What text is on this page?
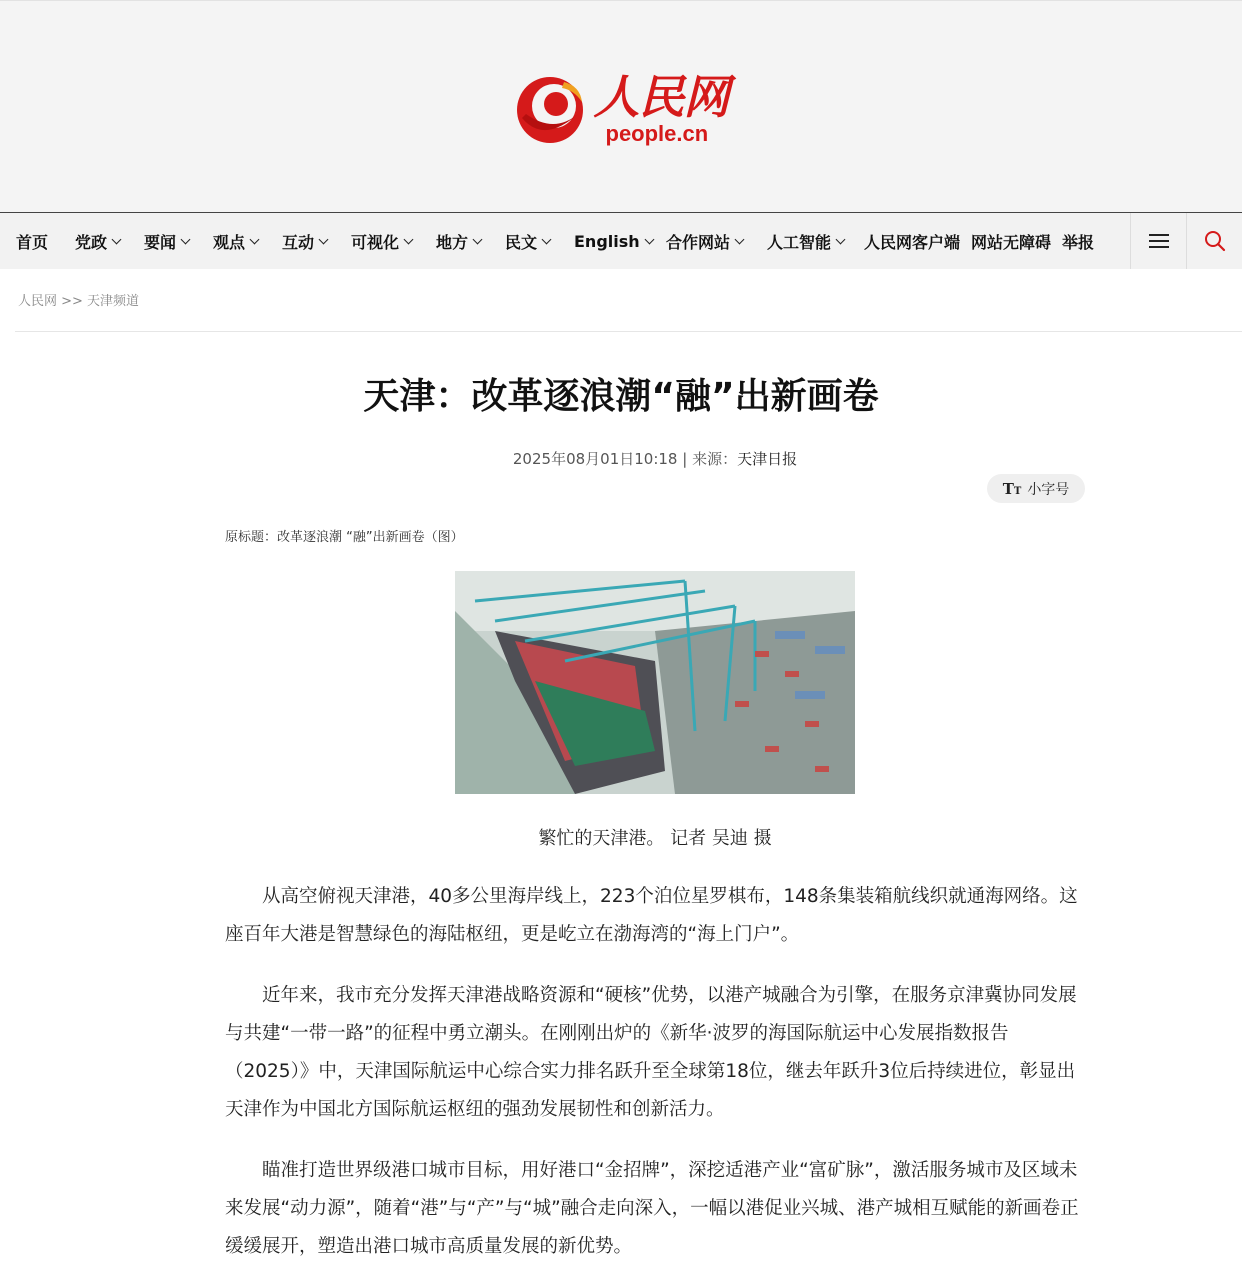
人民网
people.cn
首页 党政 要闻 观点 互动 可视化 地方 民文 English 合作网站 人工智能 人民网客户端 网站无障碍 举报
人民网 >> 天津频道
天津：改革逐浪潮“融”出新画卷
2025年08月01日10:18 | 来源：天津日报
TT 小字号
原标题：改革逐浪潮 “融”出新画卷（图）
繁忙的天津港。 记者 吴迪 摄

从高空俯视天津港，40多公里海岸线上，223个泊位星罗棋布，148条集装箱航线织就通海网络。这座百年大港是智慧绿色的海陆枢纽，更是屹立在渤海湾的“海上门户”。

近年来，我市充分发挥天津港战略资源和“硬核”优势，以港产城融合为引擎，在服务京津冀协同发展与共建“一带一路”的征程中勇立潮头。在刚刚出炉的《新华·波罗的海国际航运中心发展指数报告（2025）》中，天津国际航运中心综合实力排名跃升至全球第18位，继去年跃升3位后持续进位，彰显出天津作为中国北方国际航运枢纽的强劲发展韧性和创新活力。

瞄准打造世界级港口城市目标，用好港口“金招牌”，深挖适港产业“富矿脉”，激活服务城市及区域未来发展“动力源”，随着“港”与“产”与“城”融合走向深入，一幅以港促业兴城、港产城相互赋能的新画卷正缓缓展开，塑造出港口城市高质量发展的新优势。
